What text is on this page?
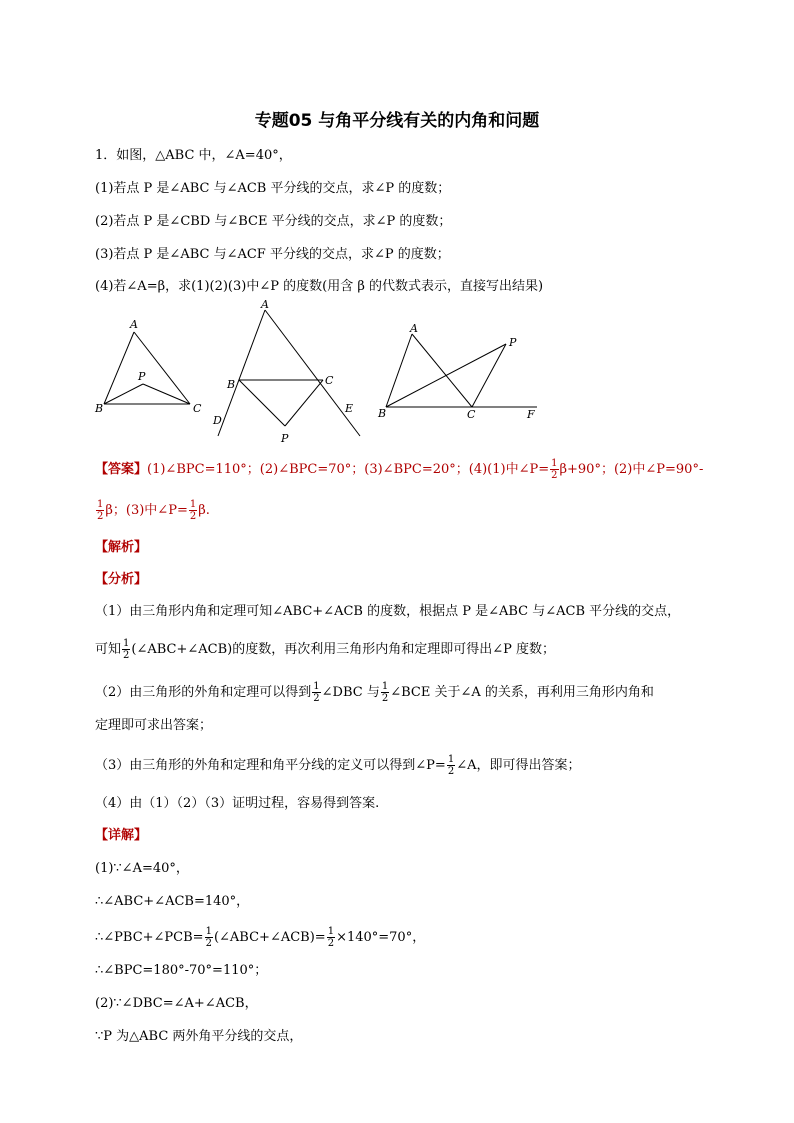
专题05 与角平分线有关的内角和问题
1．如图，△ABC 中，∠A=40°，
(1)若点 P 是∠ABC 与∠ACB 平分线的交点，求∠P 的度数；
(2)若点 P 是∠CBD 与∠BCE 平分线的交点，求∠P 的度数；
(3)若点 P 是∠ABC 与∠ACF 平分线的交点，求∠P 的度数；
(4)若∠A=β，求(1)(2)(3)中∠P 的度数(用含 β 的代数式表示，直接写出结果)
A
P
B	C
A
B	C
D
E
P
A
P
B	C	F
【答案】(1)∠BPC=110°；(2)∠BPC=70°；(3)∠BPC=20°；(4)(1)中∠P= $\frac{1}{2} \beta+90^\circ$；(2)中∠P=90°-
$\frac{1}{2}$ β；(3)中∠P= $\frac{1}{2} \beta$.
【解析】
【分析】
（1）由三角形内角和定理可知∠ABC+∠ACB 的度数，根据点 P 是∠ABC 与∠ACB 平分线的交点，
可知 $\frac{1}{2}$ (∠ABC+∠ACB)的度数，再次利用三角形内角和定理即可得出∠P 度数；
（2）由三角形的外角和定理可以得到 $\frac{1}{2}$ ∠DBC 与 $\frac{1}{2}$ ∠BCE 关于∠A 的关系，再利用三角形内角和
定理即可求出答案；
（3）由三角形的外角和定理和角平分线的定义可以得到∠P= $\frac{1}{2}$ ∠A，即可得出答案；
（4）由（1）（2）（3）证明过程，容易得到答案.
【详解】
(1)∵∠A=40°，
∴∠ABC+∠ACB=140°，
∴∠PBC+∠PCB= $\frac{1}{2}$ (∠ABC+∠ACB)= $\frac{1}{2} \times 140^\circ=70^\circ$，
∴∠BPC=180°-70°=110°；
(2)∵∠DBC=∠A+∠ACB，
∵P 为△ABC 两外角平分线的交点，
